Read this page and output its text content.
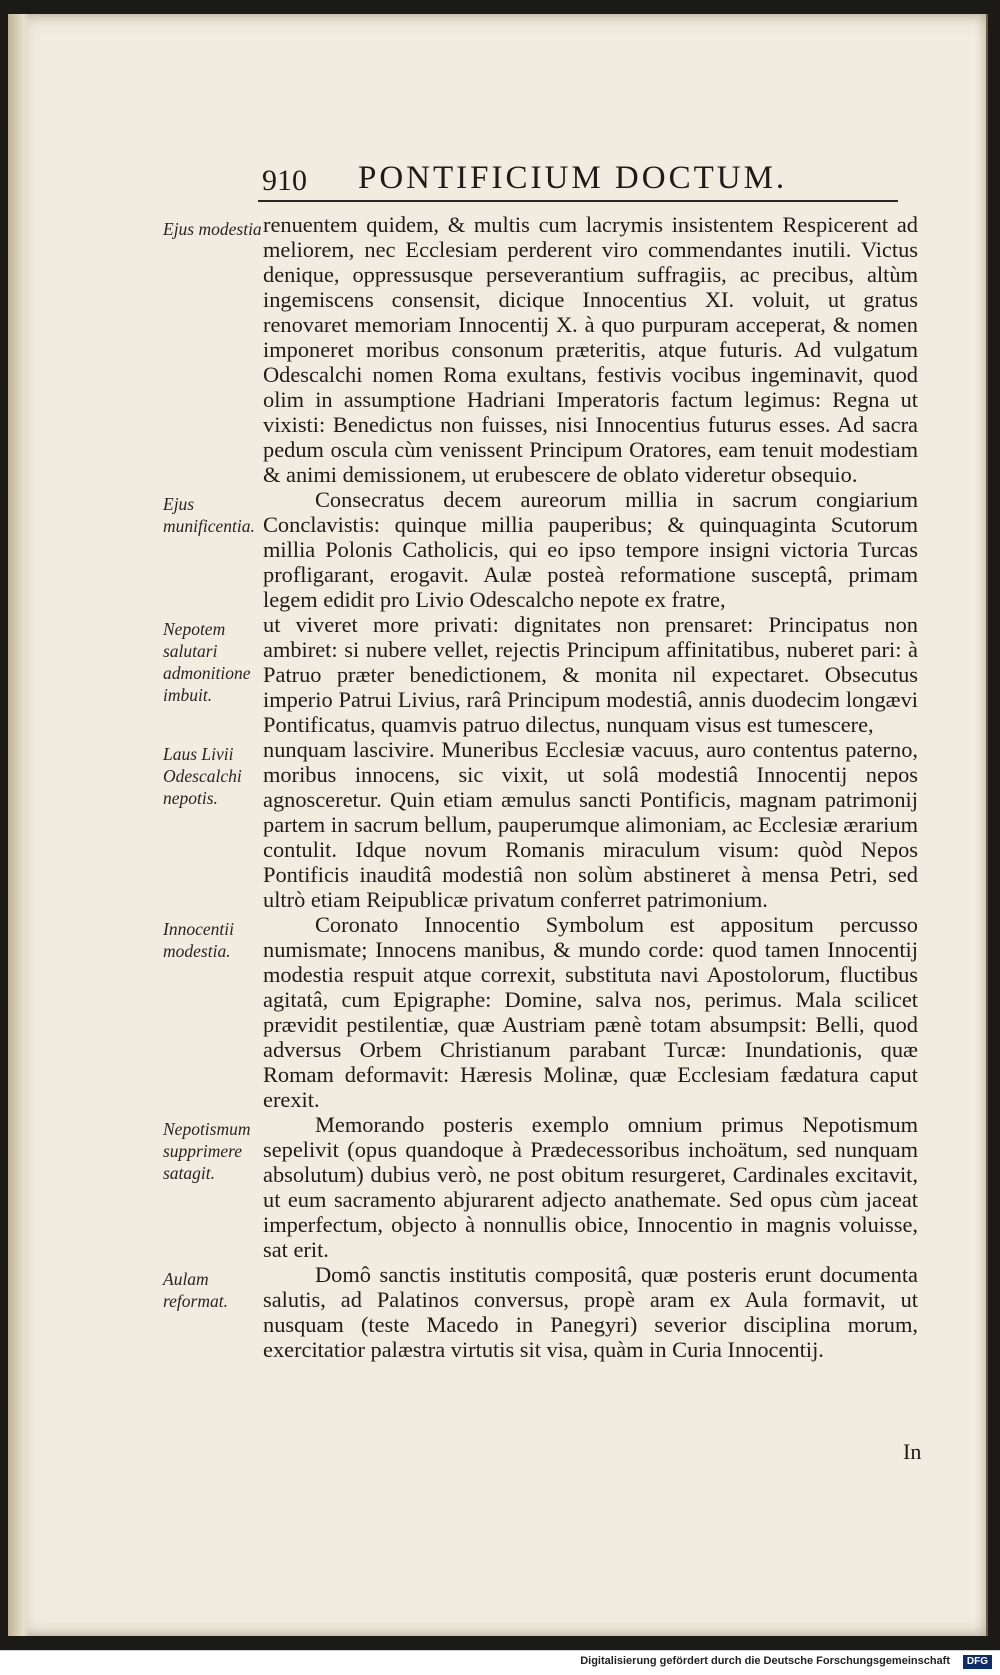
910 PONTIFICIUM DOCTUM.
Ejus modestia renuentem quidem, & multis cum lacrymis insistentem Respicerent ad meliorem, nec Ecclesiam perderent viro commendantes inutili. Victus denique, oppressusque perseverantium suffragiis, ac precibus, altùm ingemiscens consensit, dicique Innocentius XI. voluit, ut gratus renovaret memoriam Innocentij X. à quo purpuram acceperat, & nomen imponeret moribus consonum præteritis, atque futuris. Ad vulgatum Odescalchi nomen Roma exultans, festivis vocibus ingeminavit, quod olim in assumptione Hadriani Imperatoris factum legimus: Regna ut vixisti: Benedictus non fuisses, nisi Innocentius futurus esses. Ad sacra pedum oscula cùm venissent Principum Oratores, eam tenuit modestiam & animi demissionem, ut erubescere de oblato videretur obsequio.

Ejus munificentia.

Consecratus decem aureorum millia in sacrum congiarium Conclavistis: quinque millia pauperibus; & quinquaginta Scutorum millia Polonis Catholicis, qui eo ipso tempore insigni victoria Turcas profligarant, erogavit. Aulæ posteà reformatione susceptâ, primam legem edidit pro Livio Odescalcho nepote ex fratre,

Nepotem salutari admonitione imbuit.

ut viveret more privati: dignitates non prensaret: Principatus non ambiret: si nubere vellet, rejectis Principum affinitatibus, nuberet pari: à Patruo præter benedictionem, & monita nil expectaret. Obsecutus imperio Patrui Livius, rarâ Principum modestiâ, annis duodecim longævi Pontificatus, quamvis patruo dilectus, nunquam visus est tumescere,

Laus Livii Odescalchi nepotis.

nunquam lascivire. Muneribus Ecclesiæ vacuus, auro contentus paterno, moribus innocens, sic vixit, ut solâ modestiâ Innocentij nepos agnosceretur. Quin etiam æmulus sancti Pontificis, magnam patrimonij partem in sacrum bellum, pauperumque alimoniam, ac Ecclesiæ ærarium contulit. Idque novum Romanis miraculum visum: quòd Nepos Pontificis inauditâ modestiâ non solùm abstineret à mensa Petri, sed ultrò etiam Reipublicæ privatum conferret patrimonium.

Innocentii modestia.

Coronato Innocentio Symbolum est appositum percusso numismate; Innocens manibus, & mundo corde: quod tamen Innocentij modestia respuit atque correxit, substituta navi Apostolorum, fluctibus agitatâ, cum Epigraphe: Domine, salva nos, perimus. Mala scilicet prævidit pestilentiæ, quæ Austriam pænè totam absumpsit: Belli, quod adversus Orbem Christianum parabant Turcæ: Inundationis, quæ Romam deformavit: Hæresis Molinæ, quæ Ecclesiam fædatura caput erexit.

Nepotismum supprimere satagit.

Memorando posteris exemplo omnium primus Nepotismum sepelivit (opus quandoque à Prædecessoribus inchoätum, sed nunquam absolutum) dubius verò, ne post obitum resurgeret, Cardinales excitavit, ut eum sacramento abjurarent adjecto anathemate. Sed opus cùm jaceat imperfectum, objecto à nonnullis obice, Innocentio in magnis voluisse, sat erit.

Aulam reformat.

Domô sanctis institutis compositâ, quæ posteris erunt documenta salutis, ad Palatinos conversus, propè aram ex Aula formavit, ut nusquam (teste Macedo in Panegyri) severior disciplina morum, exercitatior palæstra virtutis sit visa, quàm in Curia Innocentij.

In
Digitalisierung gefördert durch die Deutsche Forschungsgemeinschaft	DFG
